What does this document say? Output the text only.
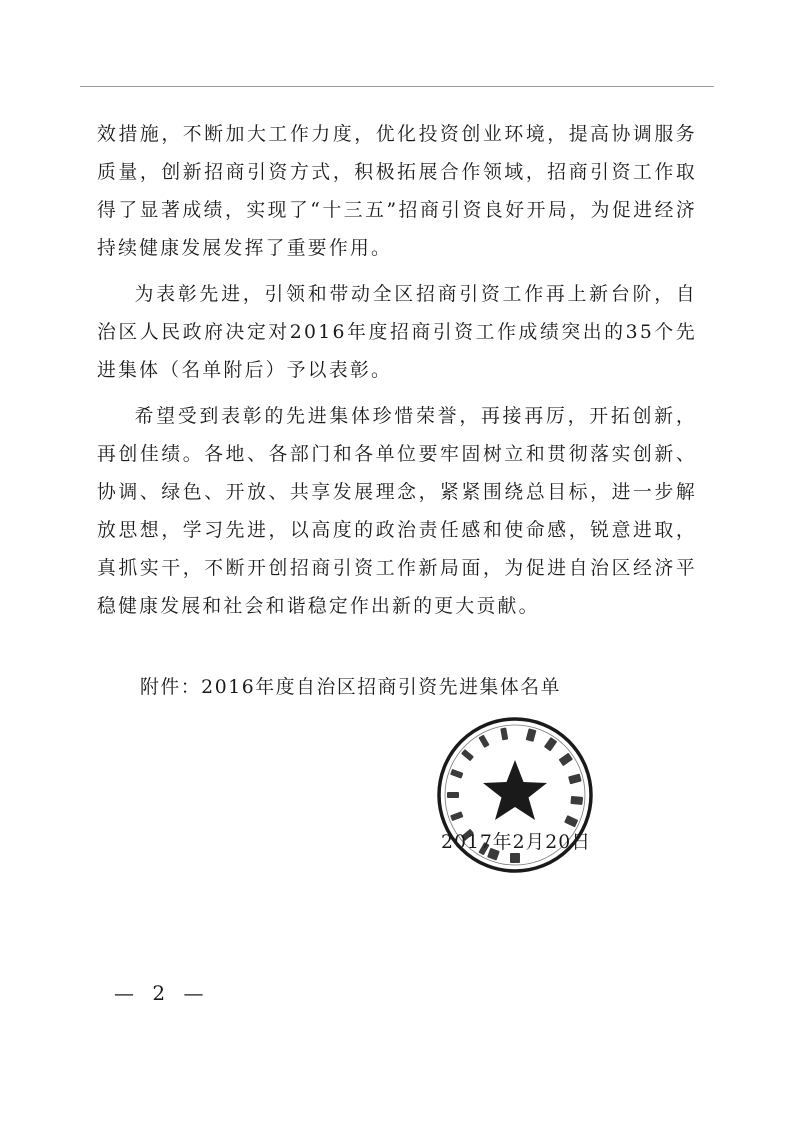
效措施，不断加大工作力度，优化投资创业环境，提高协调服务质量，创新招商引资方式，积极拓展合作领域，招商引资工作取得了显著成绩，实现了“十三五”招商引资良好开局，为促进经济持续健康发展发挥了重要作用。

为表彰先进，引领和带动全区招商引资工作再上新台阶，自治区人民政府决定对2016年度招商引资工作成绩突出的35个先进集体（名单附后）予以表彰。

希望受到表彰的先进集体珍惜荣誉，再接再厉，开拓创新，再创佳绩。各地、各部门和各单位要牢固树立和贯彻落实创新、协调、绿色、开放、共享发展理念，紧紧围绕总目标，进一步解放思想，学习先进，以高度的政治责任感和使命感，锐意进取，真抓实干，不断开创招商引资工作新局面，为促进自治区经济平稳健康发展和社会和谐稳定作出新的更大贡献。

附件：2016年度自治区招商引资先进集体名单
2017年2月20日
— 2 —
